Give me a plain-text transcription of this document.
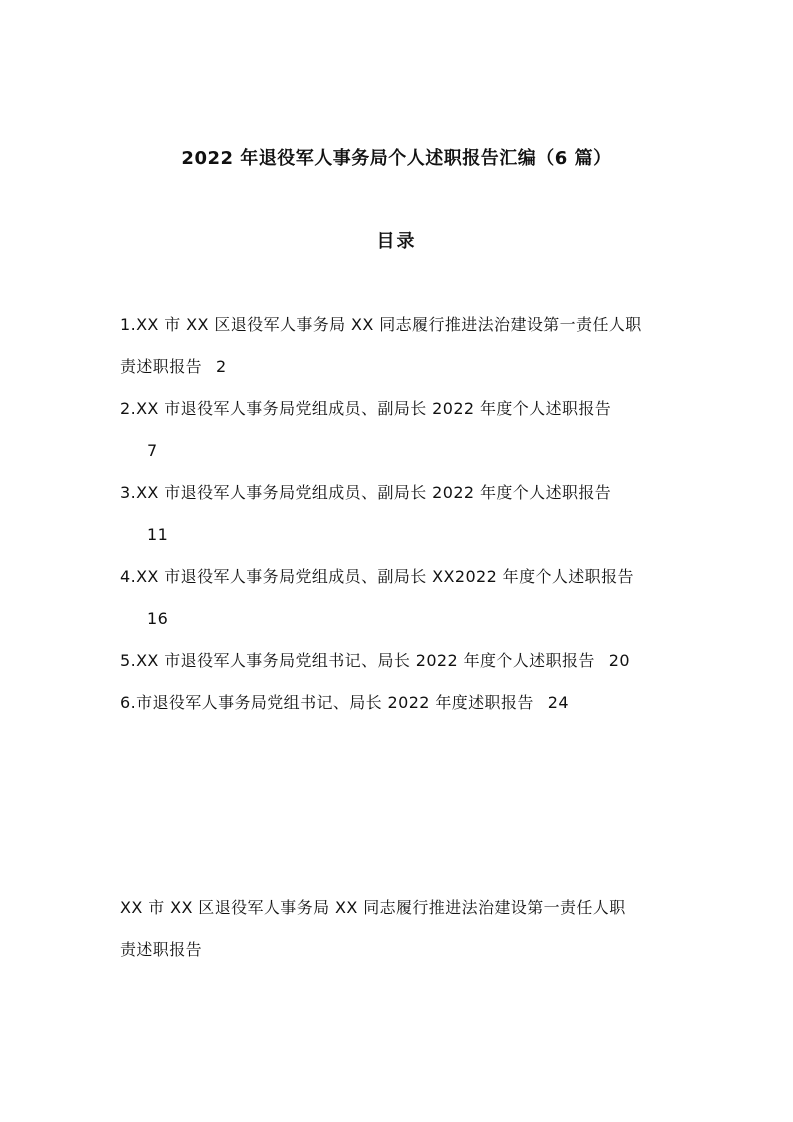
2022 年退役军人事务局个人述职报告汇编（6 篇）
目录
1.XX 市 XX 区退役军人事务局 XX 同志履行推进法治建设第一责任人职
责述职报告 2
2.XX 市退役军人事务局党组成员、副局长 2022 年度个人述职报告
7
3.XX 市退役军人事务局党组成员、副局长 2022 年度个人述职报告
11
4.XX 市退役军人事务局党组成员、副局长 XX2022 年度个人述职报告
16
5.XX 市退役军人事务局党组书记、局长 2022 年度个人述职报告 20
6.市退役军人事务局党组书记、局长 2022 年度述职报告 24
XX 市 XX 区退役军人事务局 XX 同志履行推进法治建设第一责任人职
责述职报告
